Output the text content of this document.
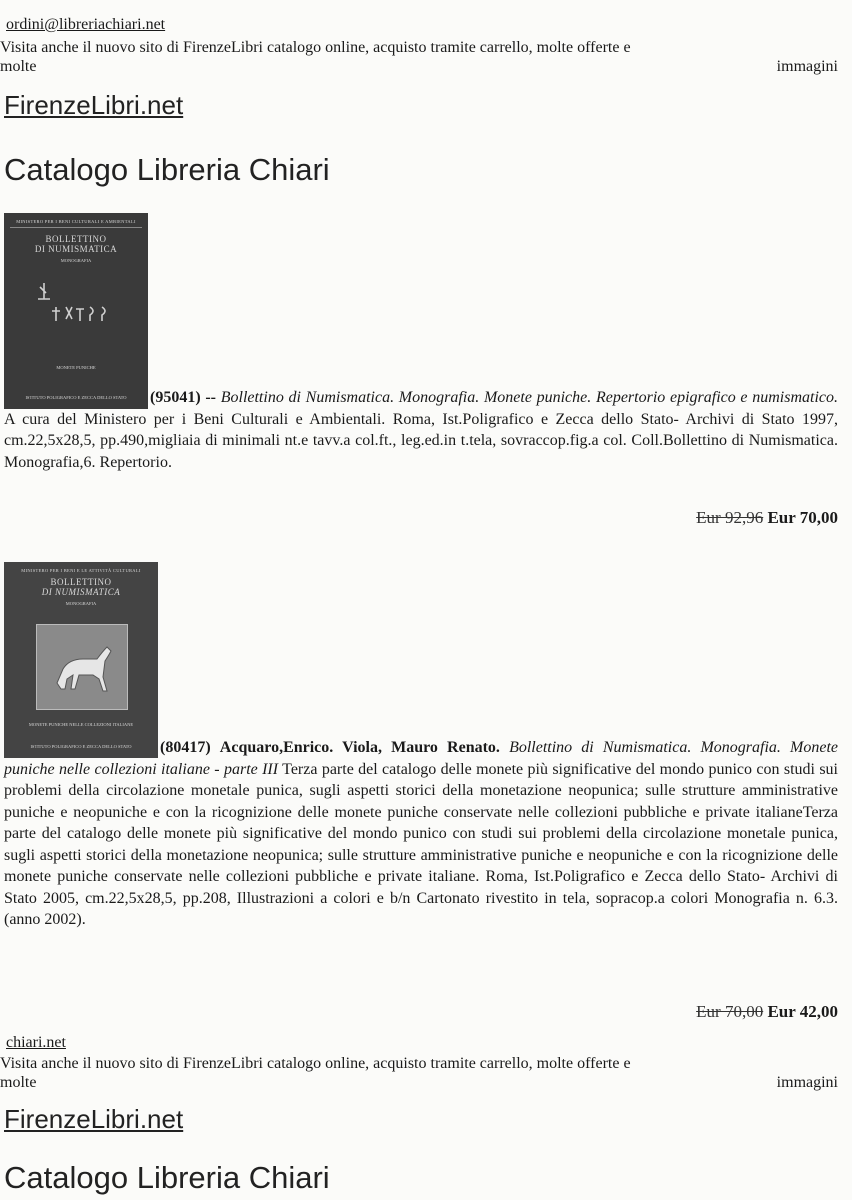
ordini@libreriachiari.net
Visita anche il nuovo sito di FirenzeLibri catalogo online, acquisto tramite carrello, molte offerte e
molte	immagini
FirenzeLibri.net
Catalogo Libreria Chiari
MINISTERO PER I BENI CULTURALI E AMBIENTALI
BOLLETTINO
DI NUMISMATICA
MONOGRAFIA
MONETE PUNICHE
ISTITUTO POLIGRAFICO E ZECCA DELLO STATO	(95041) -- Bollettino di Numismatica. Monografia. Monete puniche. Repertorio epigrafico e numismatico. A cura del Ministero per i Beni Culturali e Ambientali. Roma, Ist.Poligrafico e Zecca dello Stato- Archivi di Stato 1997, cm.22,5x28,5, pp.490,migliaia di minimali nt.e tavv.a col.ft., leg.ed.in t.tela, sovraccop.fig.a col. Coll.Bollettino di Numismatica. Monografia,6. Repertorio.
Eur 92,96 Eur 70,00
MINISTERO PER I BENI E LE ATTIVITÀ CULTURALI
BOLLETTINO
DI NUMISMATICA
MONOGRAFIA
MONETE PUNICHE NELLE COLLEZIONI ITALIANE
ISTITUTO POLIGRAFICO E ZECCA DELLO STATO	(80417) Acquaro,Enrico. Viola, Mauro Renato. Bollettino di Numismatica. Monografia. Monete puniche nelle collezioni italiane - parte III Terza parte del catalogo delle monete più significative del mondo punico con studi sui problemi della circolazione monetale punica, sugli aspetti storici della monetazione neopunica; sulle strutture amministrative puniche e neopuniche e con la ricognizione delle monete puniche conservate nelle collezioni pubbliche e private italianeTerza parte del catalogo delle monete più significative del mondo punico con studi sui problemi della circolazione monetale punica, sugli aspetti storici della monetazione neopunica; sulle strutture amministrative puniche e neopuniche e con la ricognizione delle monete puniche conservate nelle collezioni pubbliche e private italiane. Roma, Ist.Poligrafico e Zecca dello Stato- Archivi di Stato 2005, cm.22,5x28,5, pp.208, Illustrazioni a colori e b/n Cartonato rivestito in tela, sopracop.a colori Monografia n. 6.3. (anno 2002).
Eur 70,00 Eur 42,00
chiari.net
Visita anche il nuovo sito di FirenzeLibri catalogo online, acquisto tramite carrello, molte offerte e
molte	immagini
FirenzeLibri.net
Catalogo Libreria Chiari
